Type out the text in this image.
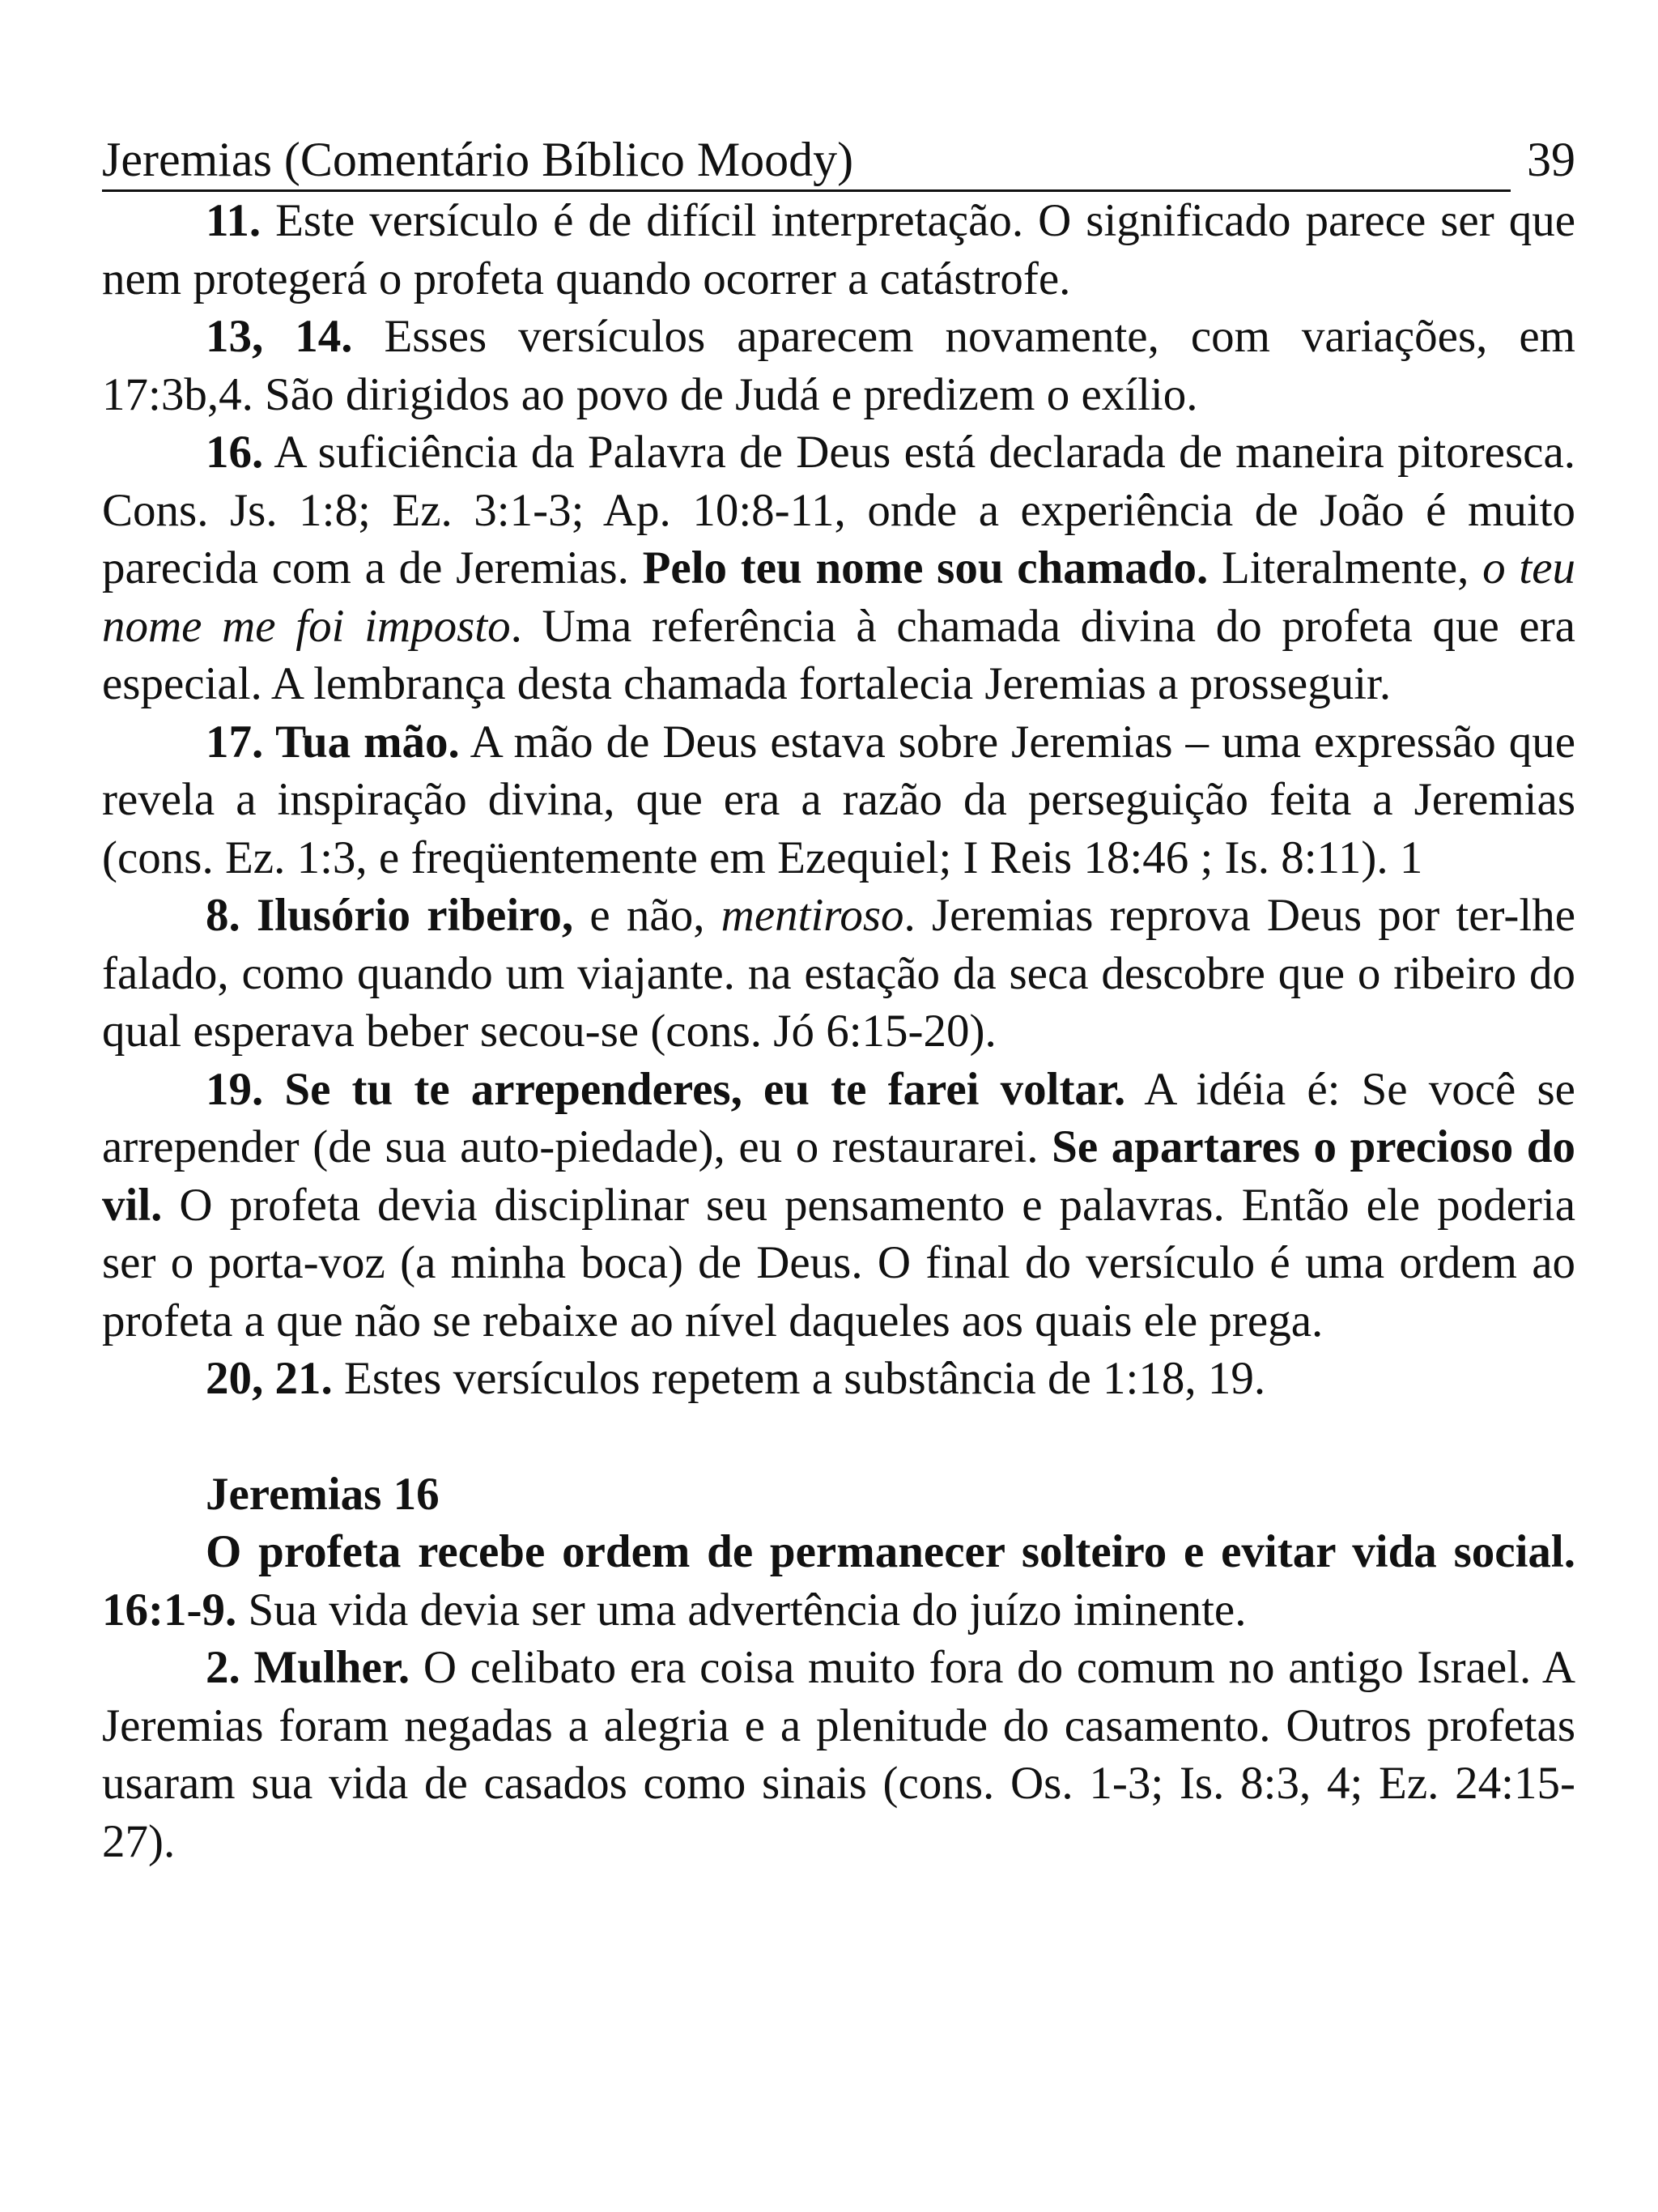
Jeremias (Comentário Bíblico Moody)	39

11. Este versículo é de difícil interpretação. O significado parece ser que nem protegerá o profeta quando ocorrer a catástrofe.

13, 14. Esses versículos aparecem novamente, com variações, em 17:3b,4. São dirigidos ao povo de Judá e predizem o exílio.

16. A suficiência da Palavra de Deus está declarada de maneira pitoresca. Cons. Js. 1:8; Ez. 3:1-3; Ap. 10:8-11, onde a experiência de João é muito parecida com a de Jeremias. Pelo teu nome sou chamado. Literalmente, o teu nome me foi imposto. Uma referência à chamada divina do profeta que era especial. A lembrança desta chamada fortalecia Jeremias a prosseguir.

17. Tua mão. A mão de Deus estava sobre Jeremias – uma expressão que revela a inspiração divina, que era a razão da perseguição feita a Jeremias (cons. Ez. 1:3, e freqüentemente em Ezequiel; I Reis 18:46 ; Is. 8:11). 1

8. Ilusório ribeiro, e não, mentiroso. Jeremias reprova Deus por ter-lhe falado, como quando um viajante. na estação da seca descobre que o ribeiro do qual esperava beber secou-se (cons. Jó 6:15-20).

19. Se tu te arrependeres, eu te farei voltar. A idéia é: Se você se arrepender (de sua auto-piedade), eu o restaurarei. Se apartares o precioso do vil. O profeta devia disciplinar seu pensamento e palavras. Então ele poderia ser o porta-voz (a minha boca) de Deus. O final do versículo é uma ordem ao profeta a que não se rebaixe ao nível daqueles aos quais ele prega.

20, 21. Estes versículos repetem a substância de 1:18, 19.

Jeremias 16

O profeta recebe ordem de permanecer solteiro e evitar vida social. 16:1-9. Sua vida devia ser uma advertência do juízo iminente.

2. Mulher. O celibato era coisa muito fora do comum no antigo Israel. A Jeremias foram negadas a alegria e a plenitude do casamento. Outros profetas usaram sua vida de casados como sinais (cons. Os. 1-3; Is. 8:3, 4; Ez. 24:15-27).
